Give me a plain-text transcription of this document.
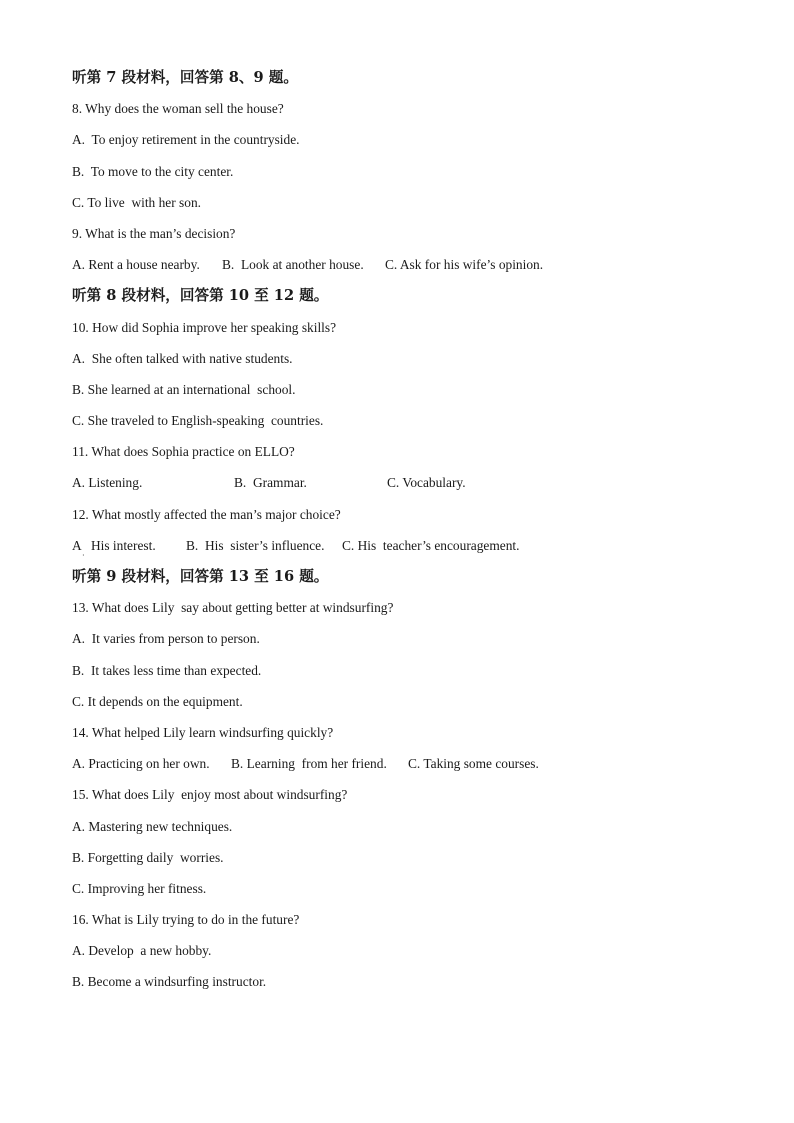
听第 7 段材料，回答第 8、9 题。
8. Why does the woman sell the house?
A.  To enjoy retirement in the countryside.
B.  To move to the city center.
C. To live  with her son.
9. What is the man’s decision?

A. Rent a house nearby.

B.  Look at another house.

C. Ask for his wife’s opinion.

听第 8 段材料，回答第 10 至 12 题。
10. How did Sophia improve her speaking skills?
A.  She often talked with native students.
B. She learned at an international  school.
C. She traveled to English-speaking  countries.
11. What does Sophia practice on ELLO?

A. Listening.

	B.  Grammar.

	C. Vocabulary.

12. What mostly affected the man’s major choice?

A   His interest.

B.  His  sister’s influence.

C. His  teacher’s encouragement.

·

听第 9 段材料，回答第 13 至 16 题。
13. What does Lily  say about getting better at windsurfing?
A.  It varies from person to person.
B.  It takes less time than expected.
C. It depends on the equipment.
14. What helped Lily learn windsurfing quickly?

A. Practicing on her own.

B. Learning  from her friend.

C. Taking some courses.

15. What does Lily  enjoy most about windsurfing?
A. Mastering new techniques.
B. Forgetting daily  worries.
C. Improving her fitness.
16. What is Lily trying to do in the future?
A. Develop  a new hobby.
B. Become a windsurfing instructor.
